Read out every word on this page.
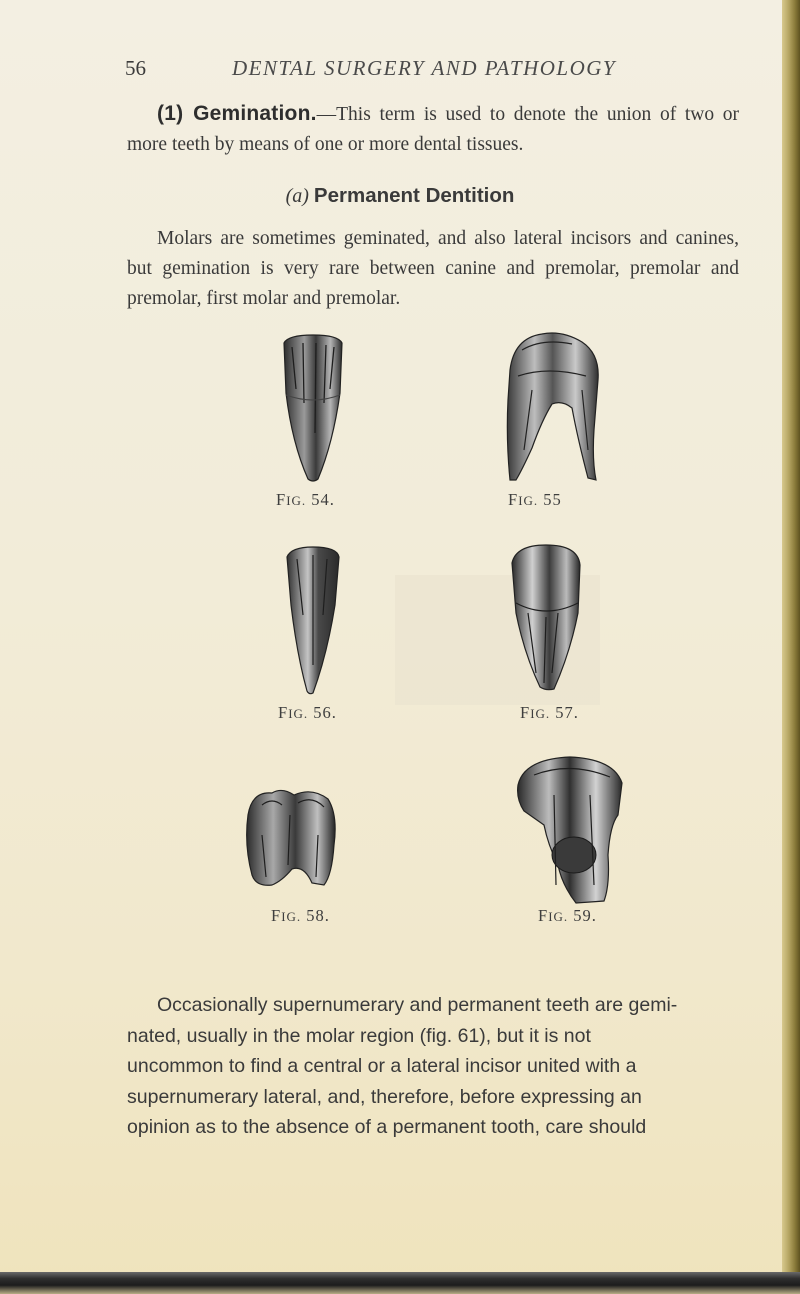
56	DENTAL SURGERY AND PATHOLOGY
(1) Gemination.—This term is used to denote the union of two or more teeth by means of one or more dental tissues.
(a) Permanent Dentition
Molars are sometimes geminated, and also lateral incisors and canines, but gemination is very rare between canine and premolar, premolar and premolar, first molar and premolar.
FIG. 54.	FIG. 55
FIG. 56.	FIG. 57.
FIG. 58.	FIG. 59.
Occasionally supernumerary and permanent teeth are gemi-
nated, usually in the molar region (fig. 61), but it is not
uncommon to find a central or a lateral incisor united with a
supernumerary lateral, and, therefore, before expressing an
opinion as to the absence of a permanent tooth, care should
